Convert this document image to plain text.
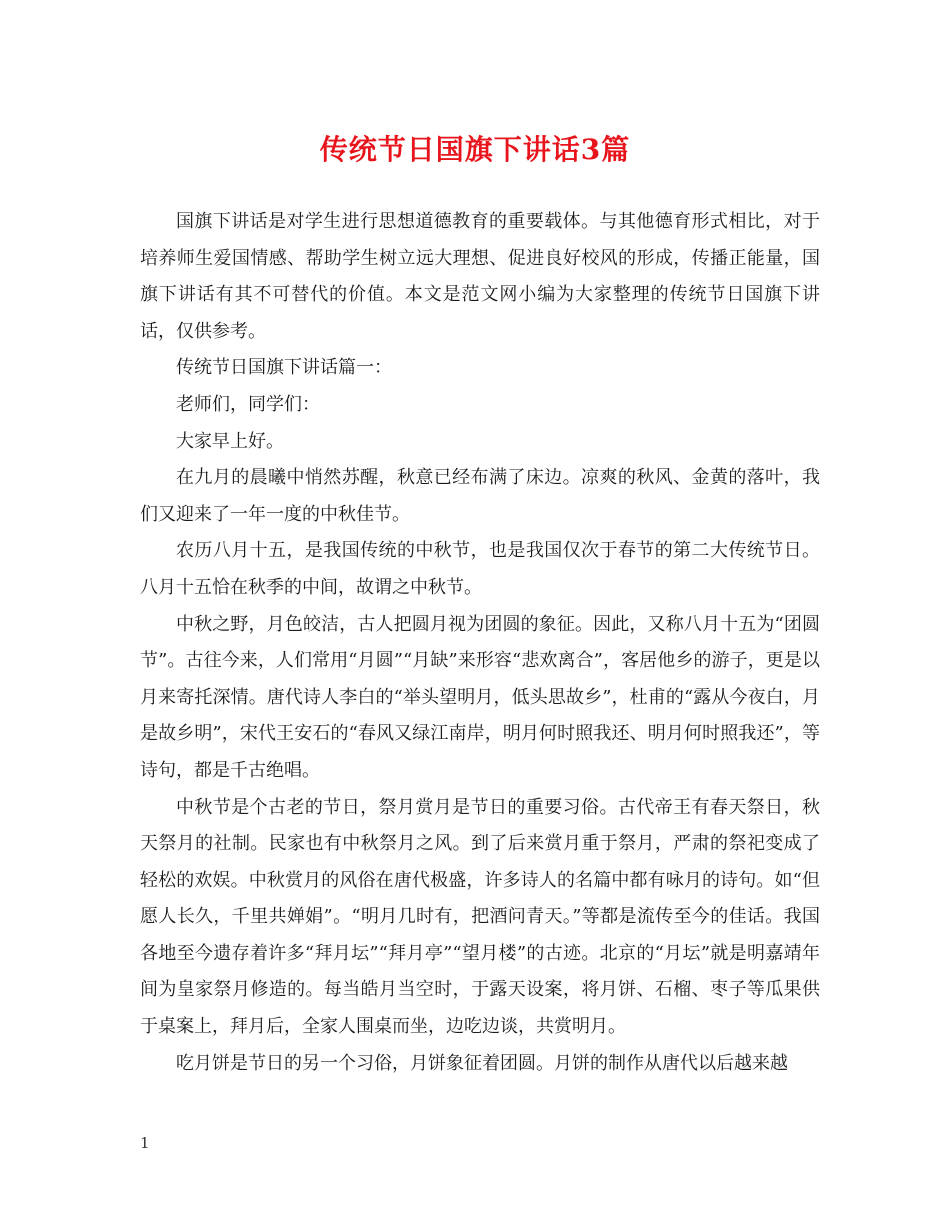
传统节日国旗下讲话3篇

国旗下讲话是对学生进行思想道德教育的重要载体。与其他德育形式相比，对于培养师生爱国情感、帮助学生树立远大理想、促进良好校风的形成，传播正能量，国旗下讲话有其不可替代的价值。本文是范文网小编为大家整理的传统节日国旗下讲话，仅供参考。

传统节日国旗下讲话篇一：

老师们，同学们：

大家早上好。

在九月的晨曦中悄然苏醒，秋意已经布满了床边。凉爽的秋风、金黄的落叶，我们又迎来了一年一度的中秋佳节。

农历八月十五，是我国传统的中秋节，也是我国仅次于春节的第二大传统节日。八月十五恰在秋季的中间，故谓之中秋节。

中秋之野，月色皎洁，古人把圆月视为团圆的象征。因此，又称八月十五为“团圆节”。古往今来，人们常用“月圆”“月缺”来形容“悲欢离合”，客居他乡的游子，更是以月来寄托深情。唐代诗人李白的“举头望明月，低头思故乡”，杜甫的“露从今夜白，月是故乡明”，宋代王安石的“春风又绿江南岸，明月何时照我还、明月何时照我还”，等诗句，都是千古绝唱。

中秋节是个古老的节日，祭月赏月是节日的重要习俗。古代帝王有春天祭日，秋天祭月的社制。民家也有中秋祭月之风。到了后来赏月重于祭月，严肃的祭祀变成了轻松的欢娱。中秋赏月的风俗在唐代极盛，许多诗人的名篇中都有咏月的诗句。如“但愿人长久，千里共婵娟”。“明月几时有，把酒问青天。”等都是流传至今的佳话。我国各地至今遗存着许多“拜月坛”“拜月亭”“望月楼”的古迹。北京的“月坛”就是明嘉靖年间为皇家祭月修造的。每当皓月当空时，于露天设案，将月饼、石榴、枣子等瓜果供于桌案上，拜月后，全家人围桌而坐，边吃边谈，共赏明月。

吃月饼是节日的另一个习俗，月饼象征着团圆。月饼的制作从唐代以后越来越

1
